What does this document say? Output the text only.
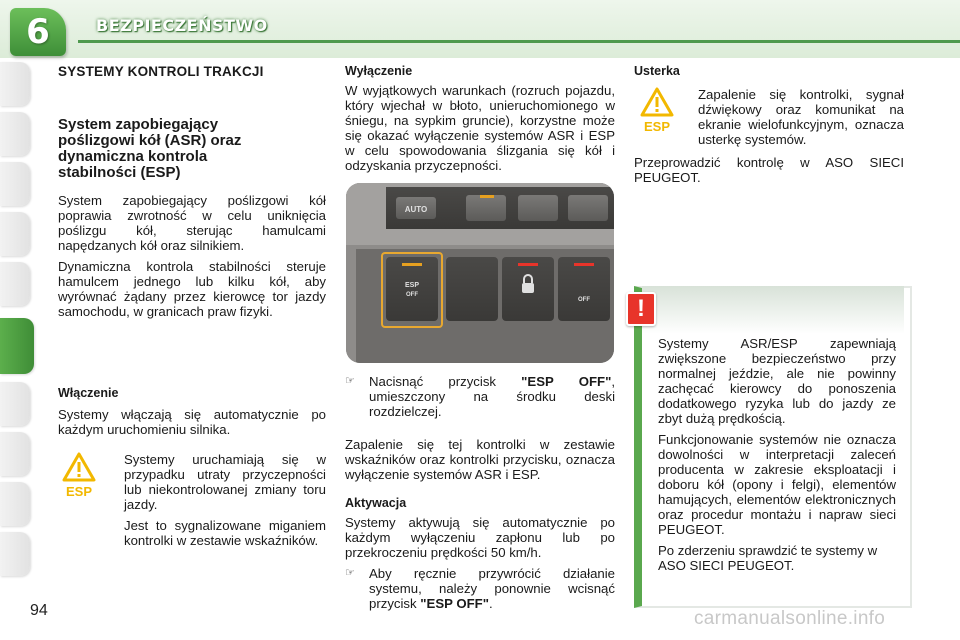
6	BEZPIECZEŃSTWO
SYSTEMY KONTROLI TRAKCJI
System zapobiegający poślizgowi kół (ASR) oraz dynamiczna kontrola stabilności (ESP)

System zapobiegający poślizgowi kół poprawia zwrotność w celu uniknięcia poślizgu kół, sterując hamulcami napędzanych kół oraz silnikiem.

Dynamiczna kontrola stabilności steruje hamulcem jednego lub kilku kół, aby wyrównać żądany przez kierowcę tor jazdy samochodu, w granicach praw fizyki.

Włączenie

Systemy włączają się automatycznie po każdym uruchomieniu silnika.

ESP

Systemy uruchamiają się w przypadku utraty przyczepności lub niekontrolowanej zmiany toru jazdy.

Jest to sygnalizowane miganiem kontrolki w zestawie wskaźników.

Wyłączenie

W wyjątkowych warunkach (rozruch pojazdu, który wjechał w błoto, unieruchomionego w śniegu, na sypkim gruncie), korzystne może się okazać wyłączenie systemów ASR i ESP w celu spowodowania ślizgania się kół i odzyskania przyczepności.

AUTO
ESP
OFF
OFF
☞	Nacisnąć przycisk "ESP OFF", umieszczony na środku deski rozdzielczej.

Zapalenie się tej kontrolki w zestawie wskaźników oraz kontrolki przycisku, oznacza wyłączenie systemów ASR i ESP.

Aktywacja

Systemy aktywują się automatycznie po każdym wyłączeniu zapłonu lub po przekroczeniu prędkości 50 km/h.

☞	Aby ręcznie przywrócić działanie systemu, należy ponownie wcisnąć przycisk "ESP OFF".

Usterka
ESP

Zapalenie się kontrolki, sygnał dźwiękowy oraz komunikat na ekranie wielofunkcyjnym, oznacza usterkę systemów.

Przeprowadzić kontrolę w ASO SIECI PEUGEOT.

!

Systemy ASR/ESP zapewniają zwiększone bezpieczeństwo przy normalnej jeździe, ale nie powinny zachęcać kierowcy do ponoszenia dodatkowego ryzyka lub do jazdy ze zbyt dużą prędkością.

Funkcjonowanie systemów nie oznacza dowolności w interpretacji zaleceń producenta w zakresie eksploatacji i doboru kół (opony i felgi), elementów hamujących, elementów elektronicznych oraz procedur montażu i napraw sieci PEUGEOT.

Po zderzeniu sprawdzić te systemy w ASO SIECI PEUGEOT.

94	carmanualsonline.info
